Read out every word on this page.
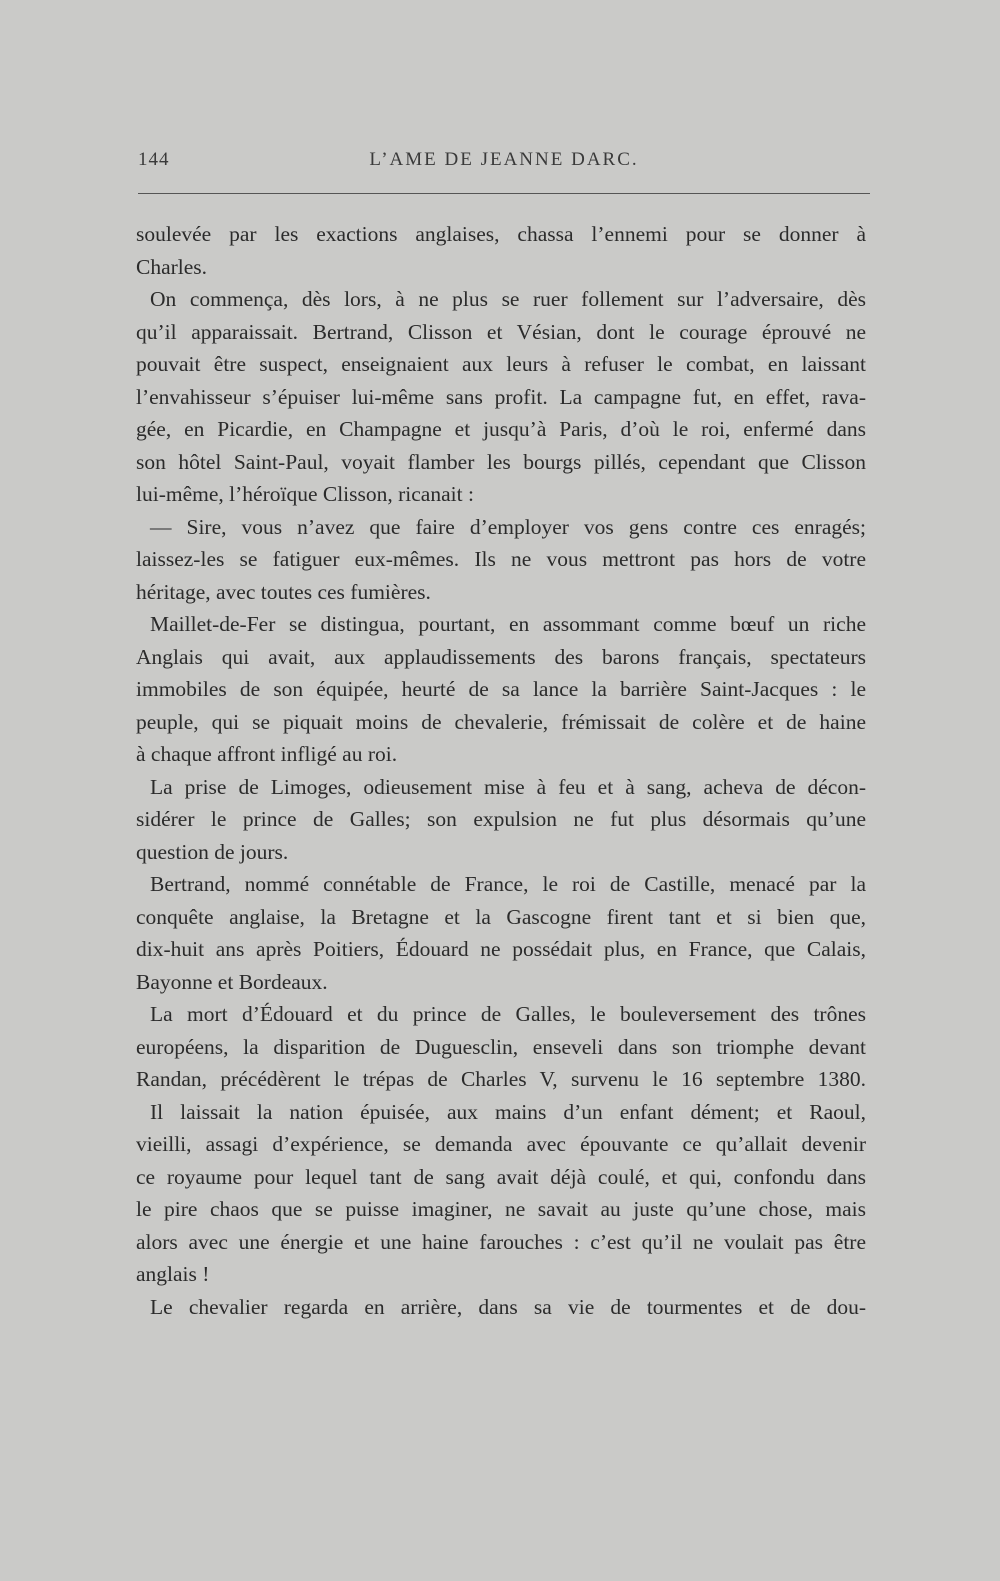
144	L’AME DE JEANNE DARC.
soulevée par les exactions anglaises, chassa l’ennemi pour se donner à
Charles.
On commença, dès lors, à ne plus se ruer follement sur l’adversaire, dès
qu’il apparaissait. Bertrand, Clisson et Vésian, dont le courage éprouvé ne
pouvait être suspect, enseignaient aux leurs à refuser le combat, en laissant
l’envahisseur s’épuiser lui-même sans profit. La campagne fut, en effet, rava-
gée, en Picardie, en Champagne et jusqu’à Paris, d’où le roi, enfermé dans
son hôtel Saint-Paul, voyait flamber les bourgs pillés, cependant que Clisson
lui-même, l’héroïque Clisson, ricanait :
— Sire, vous n’avez que faire d’employer vos gens contre ces enragés;
laissez-les se fatiguer eux-mêmes. Ils ne vous mettront pas hors de votre
héritage, avec toutes ces fumières.
Maillet-de-Fer se distingua, pourtant, en assommant comme bœuf un riche
Anglais qui avait, aux applaudissements des barons français, spectateurs
immobiles de son équipée, heurté de sa lance la barrière Saint-Jacques : le
peuple, qui se piquait moins de chevalerie, frémissait de colère et de haine
à chaque affront infligé au roi.
La prise de Limoges, odieusement mise à feu et à sang, acheva de décon-
sidérer le prince de Galles; son expulsion ne fut plus désormais qu’une
question de jours.
Bertrand, nommé connétable de France, le roi de Castille, menacé par la
conquête anglaise, la Bretagne et la Gascogne firent tant et si bien que,
dix-huit ans après Poitiers, Édouard ne possédait plus, en France, que Calais,
Bayonne et Bordeaux.
La mort d’Édouard et du prince de Galles, le bouleversement des trônes
européens, la disparition de Duguesclin, enseveli dans son triomphe devant
Randan, précédèrent le trépas de Charles V, survenu le 16 septembre 1380.
Il laissait la nation épuisée, aux mains d’un enfant dément; et Raoul,
vieilli, assagi d’expérience, se demanda avec épouvante ce qu’allait devenir
ce royaume pour lequel tant de sang avait déjà coulé, et qui, confondu dans
le pire chaos que se puisse imaginer, ne savait au juste qu’une chose, mais
alors avec une énergie et une haine farouches : c’est qu’il ne voulait pas être
anglais !
Le chevalier regarda en arrière, dans sa vie de tourmentes et de dou-
